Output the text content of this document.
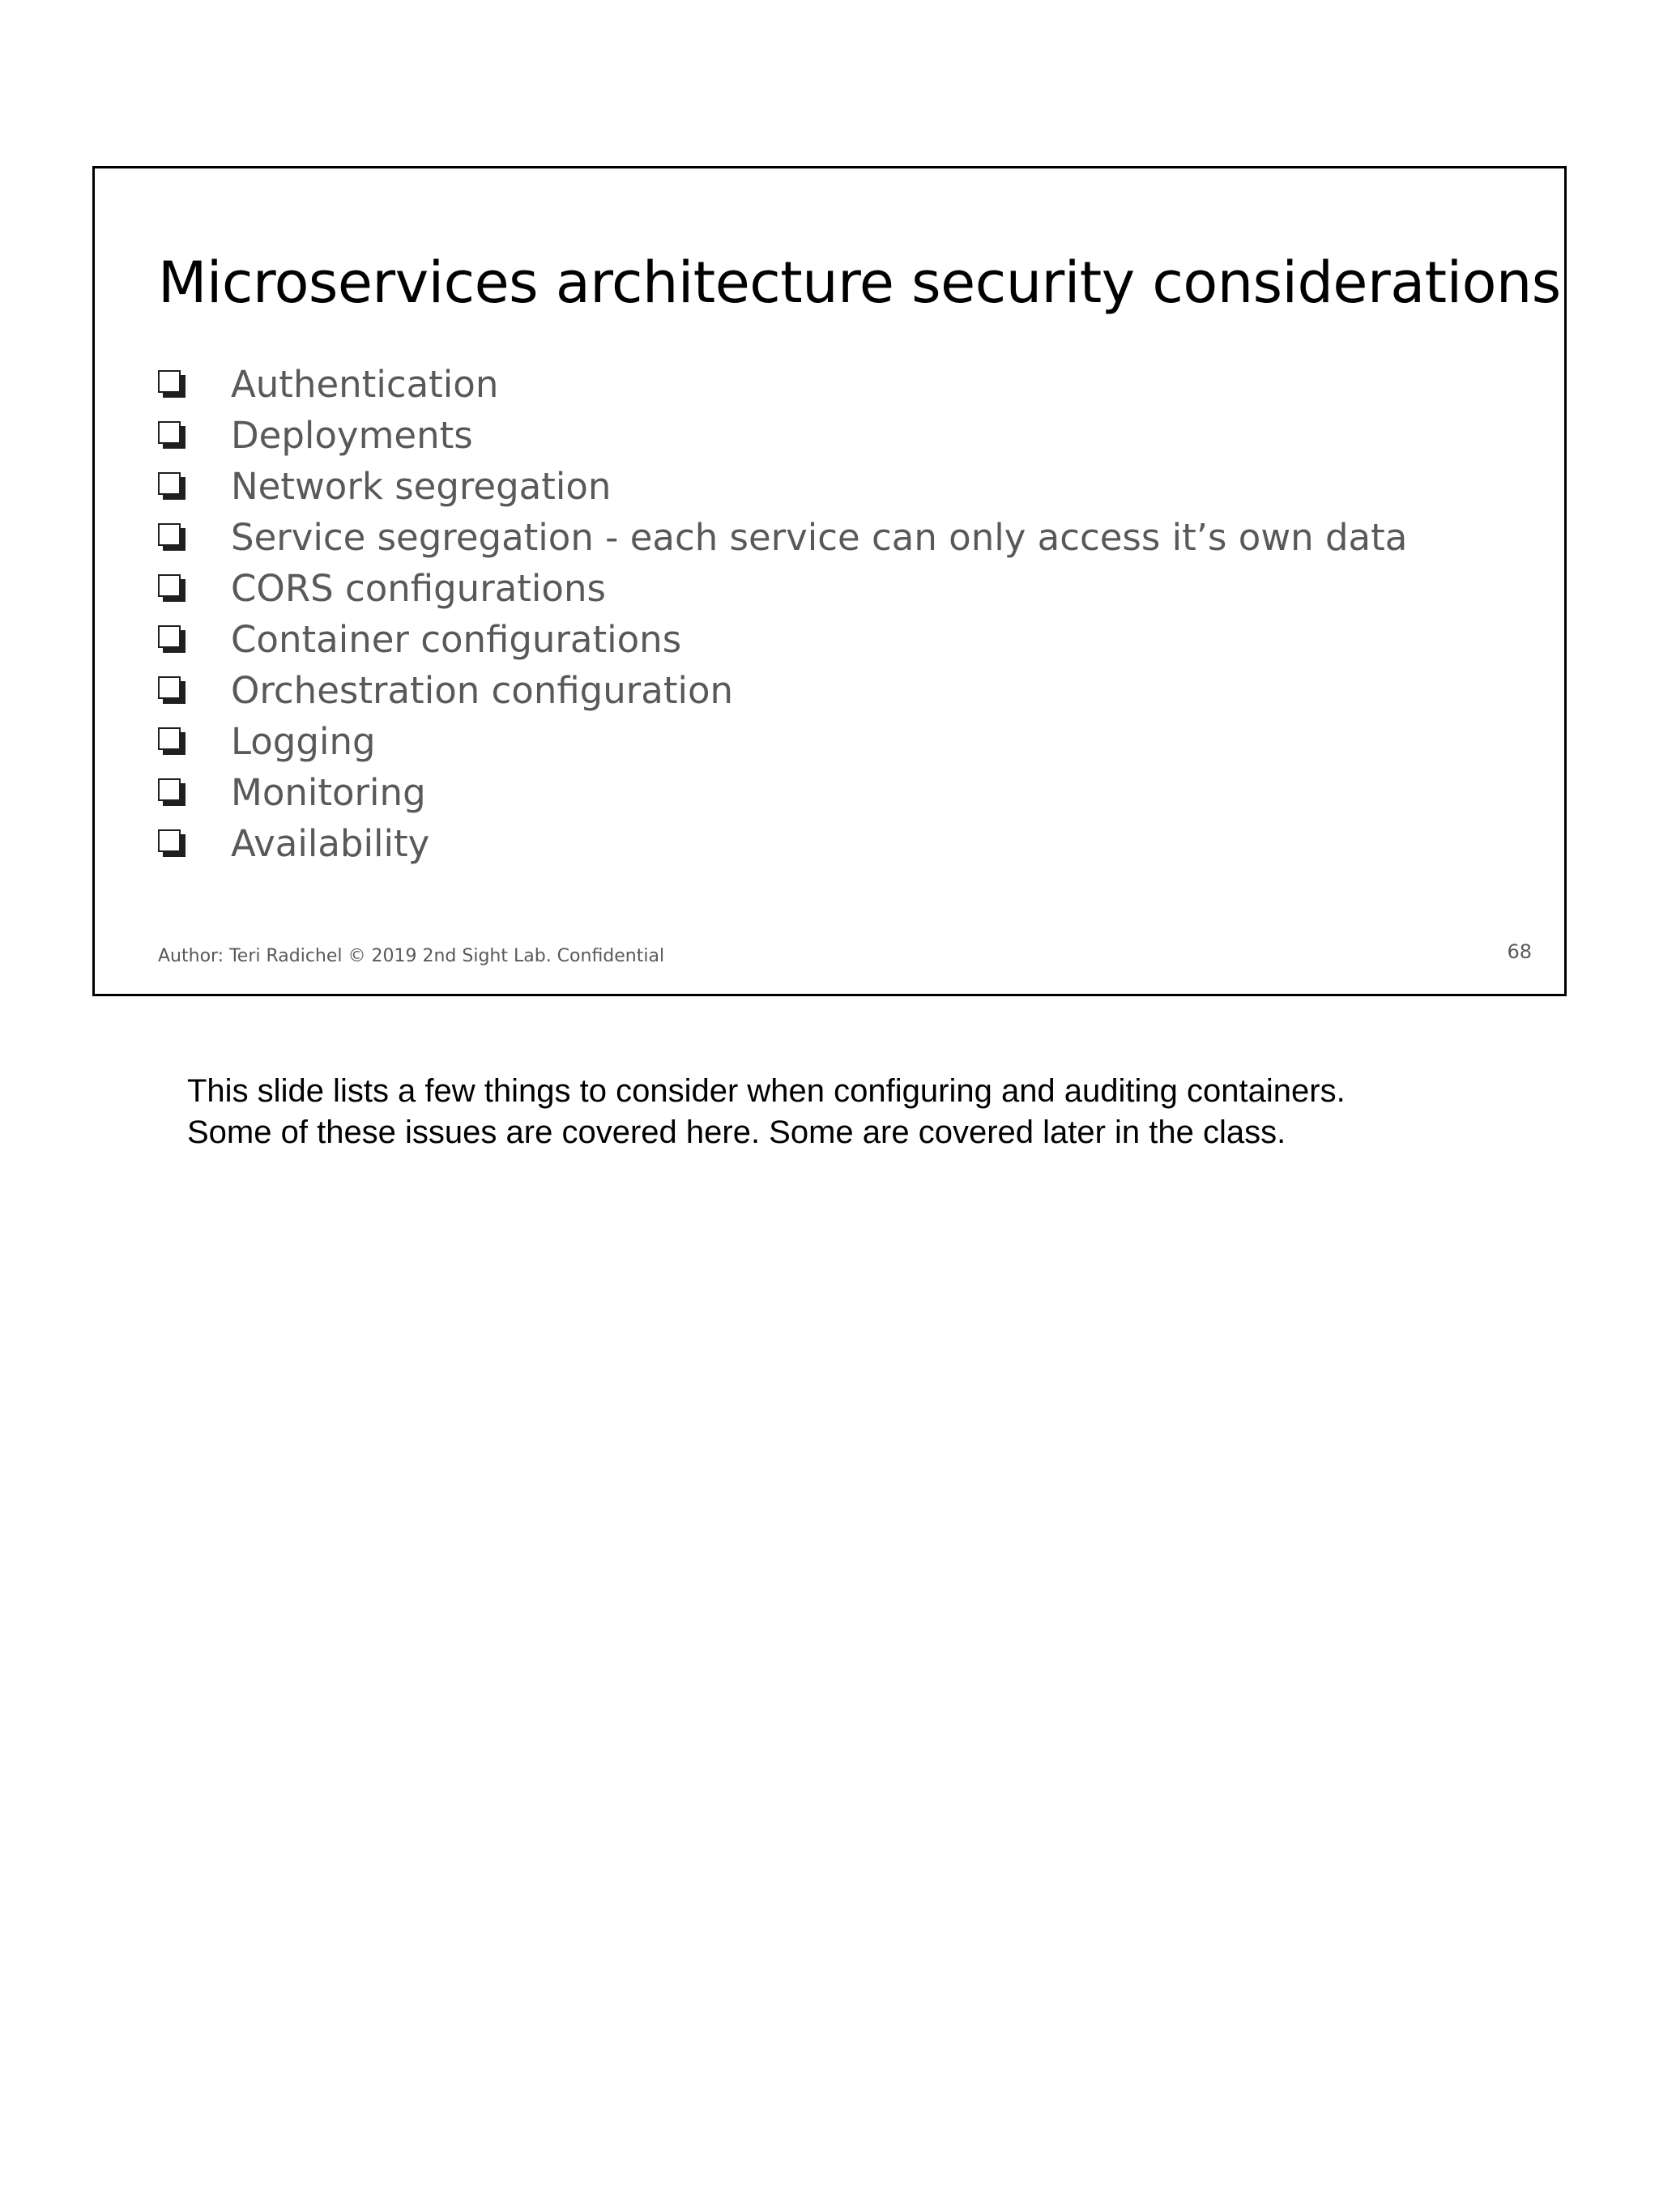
Microservices architecture security considerations
Authentication
Deployments
Network segregation
Service segregation - each service can only access it’s own data
CORS configurations
Container configurations
Orchestration configuration
Logging
Monitoring
Availability
Author: Teri Radichel © 2019 2nd Sight Lab. Confidential	68

This slide lists a few things to consider when configuring and auditing containers.
Some of these issues are covered here. Some are covered later in the class.
